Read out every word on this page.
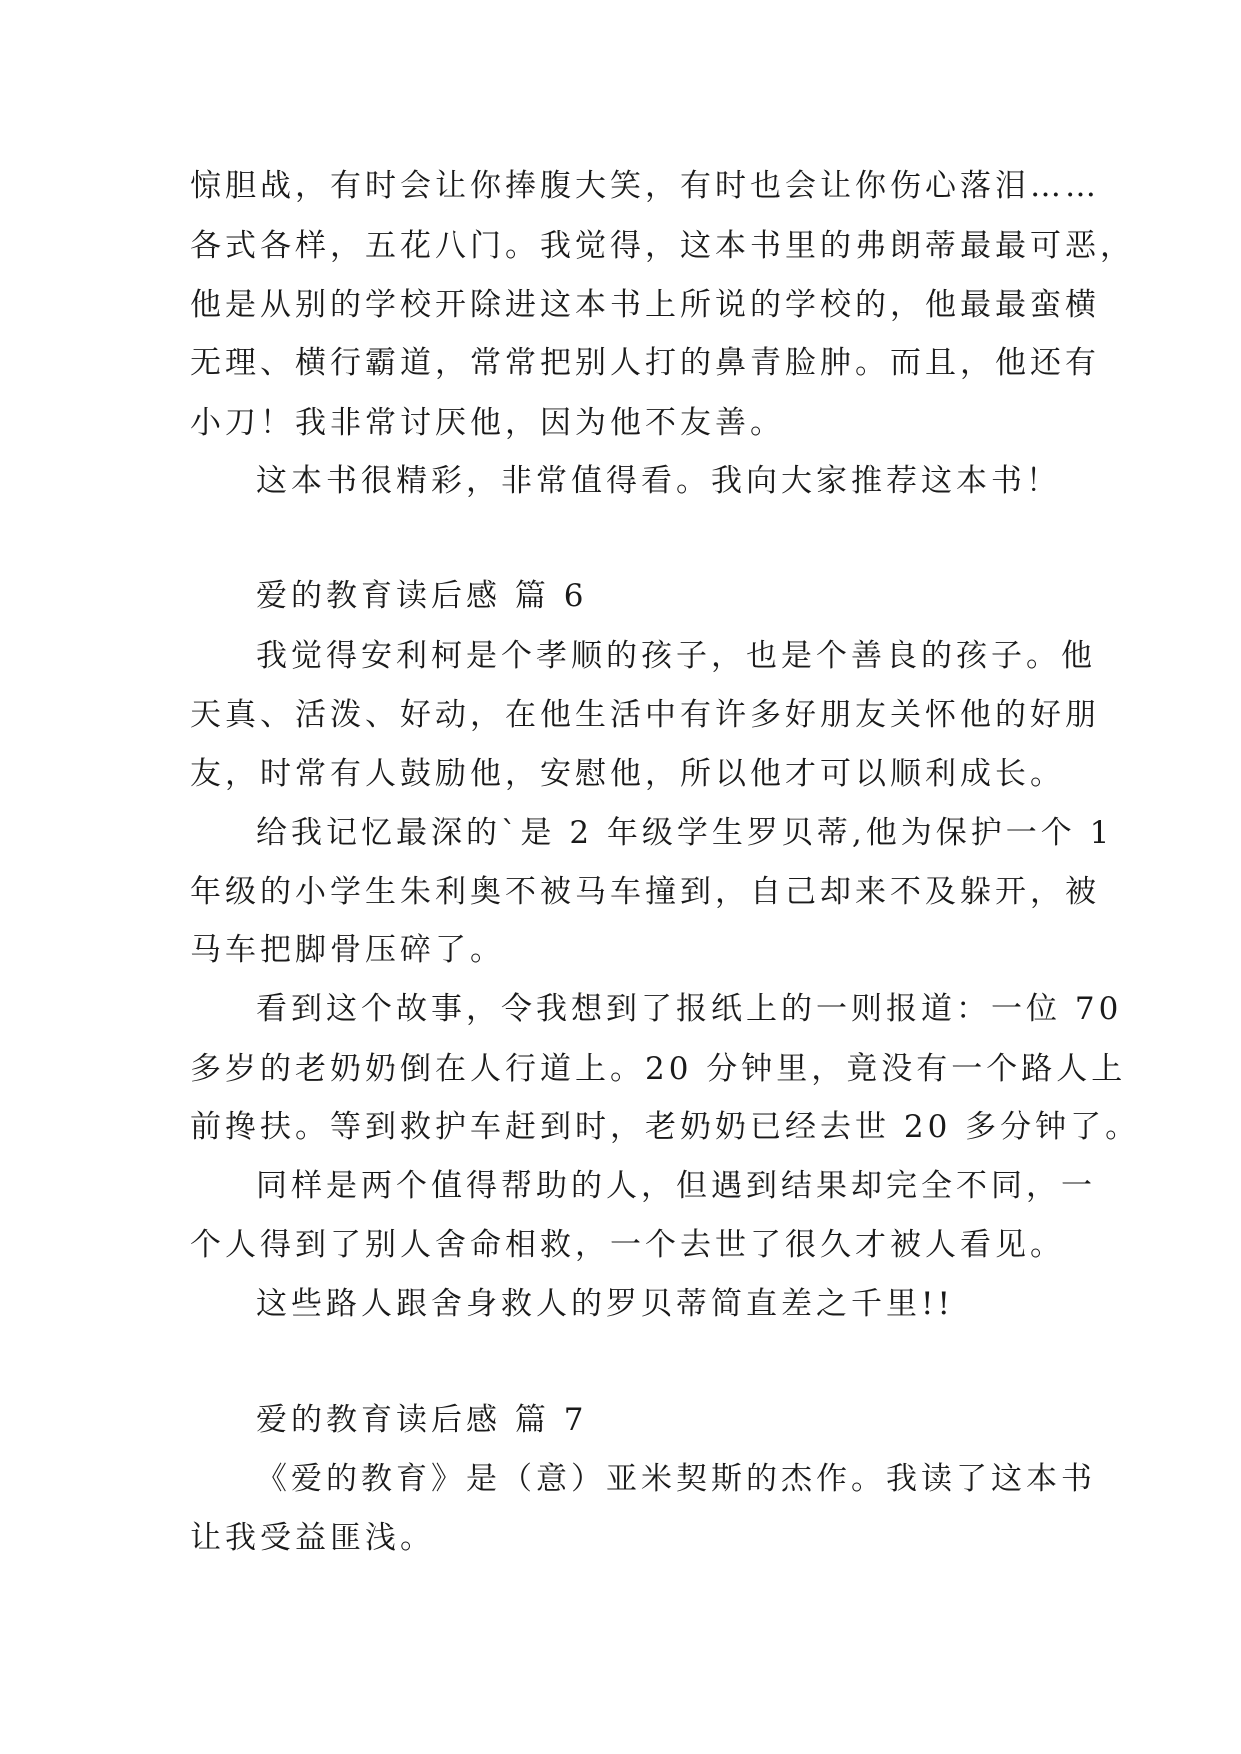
惊胆战，有时会让你捧腹大笑，有时也会让你伤心落泪……
各式各样，五花八门。我觉得，这本书里的弗朗蒂最最可恶，
他是从别的学校开除进这本书上所说的学校的，他最最蛮横
无理、横行霸道，常常把别人打的鼻青脸肿。而且，他还有
小刀！我非常讨厌他，因为他不友善。
这本书很精彩，非常值得看。我向大家推荐这本书！
爱的教育读后感 篇 6
我觉得安利柯是个孝顺的孩子，也是个善良的孩子。他
天真、活泼、好动，在他生活中有许多好朋友关怀他的好朋
友，时常有人鼓励他，安慰他，所以他才可以顺利成长。
给我记忆最深的`是 2 年级学生罗贝蒂,他为保护一个 1
年级的小学生朱利奥不被马车撞到，自己却来不及躲开，被
马车把脚骨压碎了。
看到这个故事，令我想到了报纸上的一则报道：一位 70
多岁的老奶奶倒在人行道上。20 分钟里，竟没有一个路人上
前搀扶。等到救护车赶到时，老奶奶已经去世 20 多分钟了。
同样是两个值得帮助的人，但遇到结果却完全不同，一
个人得到了别人舍命相救，一个去世了很久才被人看见。
这些路人跟舍身救人的罗贝蒂简直差之千里!!
爱的教育读后感 篇 7
《爱的教育》是（意）亚米契斯的杰作。我读了这本书
让我受益匪浅。
